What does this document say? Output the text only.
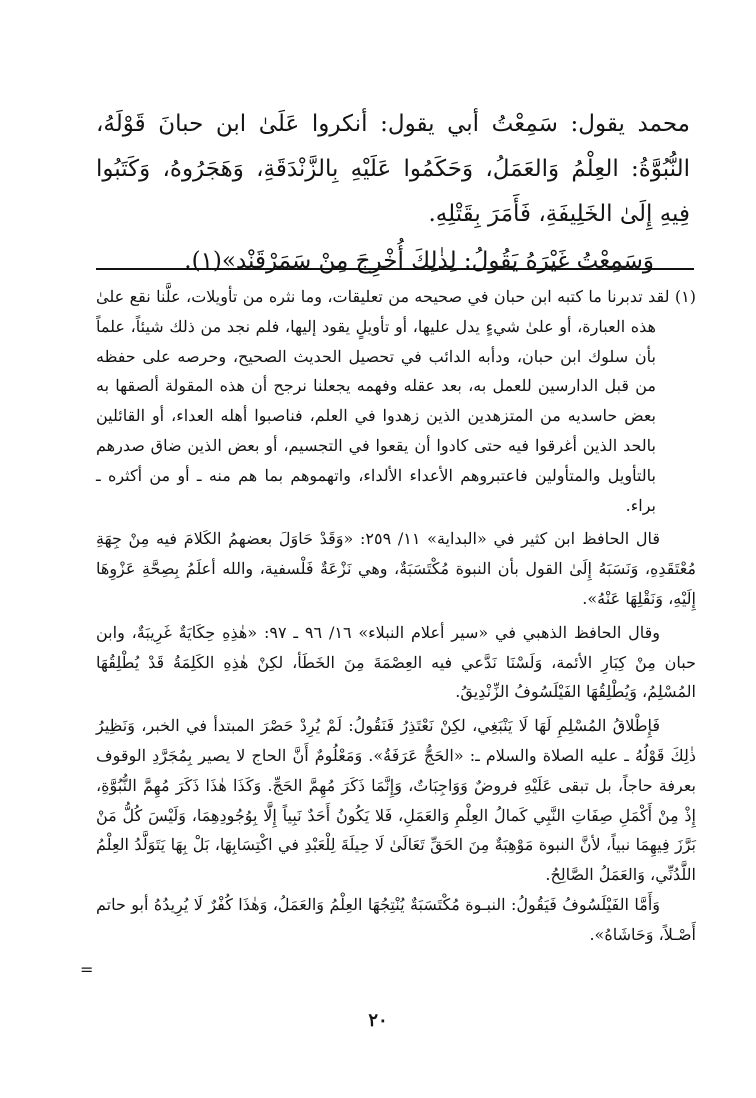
محمد يقول: سَمِعْتُ أبي يقول: أنكروا عَلَىٰ ابن حبانَ قَوْلَهُ، النُّبُوَّةُ: العِلْمُ وَالعَمَلُ، وَحَكَمُوا عَلَيْهِ بِالزَّنْدَقَةِ، وَهَجَرُوهُ، وَكَتَبُوا فِيهِ إِلَىٰ الخَلِيفَةِ، فَأَمَرَ بِقَتْلِهِ.

وَسَمِعْتُ غَيْرَهُ يَقُولُ: لِذٰلِكَ أُخْرِجَ مِنْ سَمَرْقَنْد»(١).

(١) لقد تدبرنا ما كتبه ابن حبان في صحيحه من تعليقات، وما نثره من تأويلات، علَّنا نقع علىٰ هذه العبارة، أو علىٰ شيءٍ يدل عليها، أو تأويلٍ يقود إليها، فلم نجد من ذلك شيئاً، علماً بأن سلوك ابن حبان، ودأبه الدائب في تحصيل الحديث الصحيح، وحرصه على حفظه من قبل الدارسين للعمل به، بعد عقله وفهمه يجعلنا نرجح أن هذه المقولة ألصقها به بعض حاسديه من المتزهدين الذين زهدوا في العلم، فناصبوا أهله العداء، أو القائلين بالحد الذين أغرقوا فيه حتى كادوا أن يقعوا في التجسيم، أو بعض الذين ضاق صدرهم بالتأويل والمتأولين فاعتبروهم الأعداء الألداء، واتهموهم بما هم منه ـ أو من أكثره ـ براء.

قال الحافظ ابن كثير في «البداية» ١١/ ٢٥٩: «وَقَدْ حَاوَلَ بعضهمُ الكَلامَ فيه مِنْ جِهَةِ مُعْتَقَدِهِ، وَنَسَبَهُ إِلَىٰ القول بأن النبوة مُكْتَسَبَةٌ، وهي نَزْعَةٌ فَلْسفية، والله أعلَمُ بِصِحَّةِ عَزْوِهَا إِلَيْهِ، وَنَقْلِهَا عَنْهُ».

وقال الحافظ الذهبي في «سير أعلام النبلاء» ١٦/ ٩٦ ـ ٩٧: «هٰذِهِ حِكَايَةٌ غَرِيبَةٌ، وابن حبان مِنْ كِبَارِ الأئمة، وَلَسْنَا نَدَّعي فيه العِصْمَةَ مِنَ الخَطَأ، لكِنْ هٰذِهِ الكَلِمَةُ قَدْ يُطْلِقُهَا المُسْلِمُ، وَيُطْلِقُهَا الفَيْلَسُوفُ الزِّنْدِيقُ.

فَإِطْلاقُ المُسْلِمِ لَهَا لَا يَنْبَغِي، لكِنْ نَعْتَذِرُ فَنَقُولُ: لَمْ يُرِدْ حَصْرَ المبتدأ في الخبر، وَنَظِيرُ ذٰلِكَ قَوْلُهُ ـ عليه الصلاة والسلام ـ: «الحَجُّ عَرَفَةُ». وَمَعْلُومٌ أَنَّ الحاج لا يصير بِمُجَرَّدِ الوقوف بعرفة حاجاً، بل تبقى عَلَيْهِ فروضٌ وَوَاجِبَاتٌ، وَإِنَّمَا ذَكَرَ مُهِمَّ الحَجِّ. وَكَذَا هٰذَا ذَكَرَ مُهِمَّ النُّبُوَّةِ، إِذْ مِنْ أَكْمَلِ صِفَاتِ النَّبِي كَمالُ العِلْمِ وَالعَمَلِ، فَلا يَكُونُ أَحَدٌ نَبِياً إِلَّا بِوُجُودِهِمَا، وَلَيْسَ كُلُّ مَنْ بَرَّزَ فِيهِمَا نبياً، لأنَّ النبوة مَوْهِبَةٌ مِنَ الحَقِّ تَعَالَىٰ لَا حِيلَةَ لِلْعَبْدِ في اكْتِسَابِهَا، بَلْ بِهَا يَتَوَلَّدُ العِلْمُ اللَّدُنِّي، وَالعَمَلُ الصَّالِحُ.

وَأَمَّا الفَيْلَسُوفُ فَيَقُولُ: النبـوة مُكْتَسَبَةٌ يُنْتِجُهَا العِلْمُ وَالعَمَلُ، وَهٰذَا كُفْرٌ لَا يُرِيدُهُ أبو حاتم أَصْـلاً، وَحَاشَاهُ».

=
٢٠
